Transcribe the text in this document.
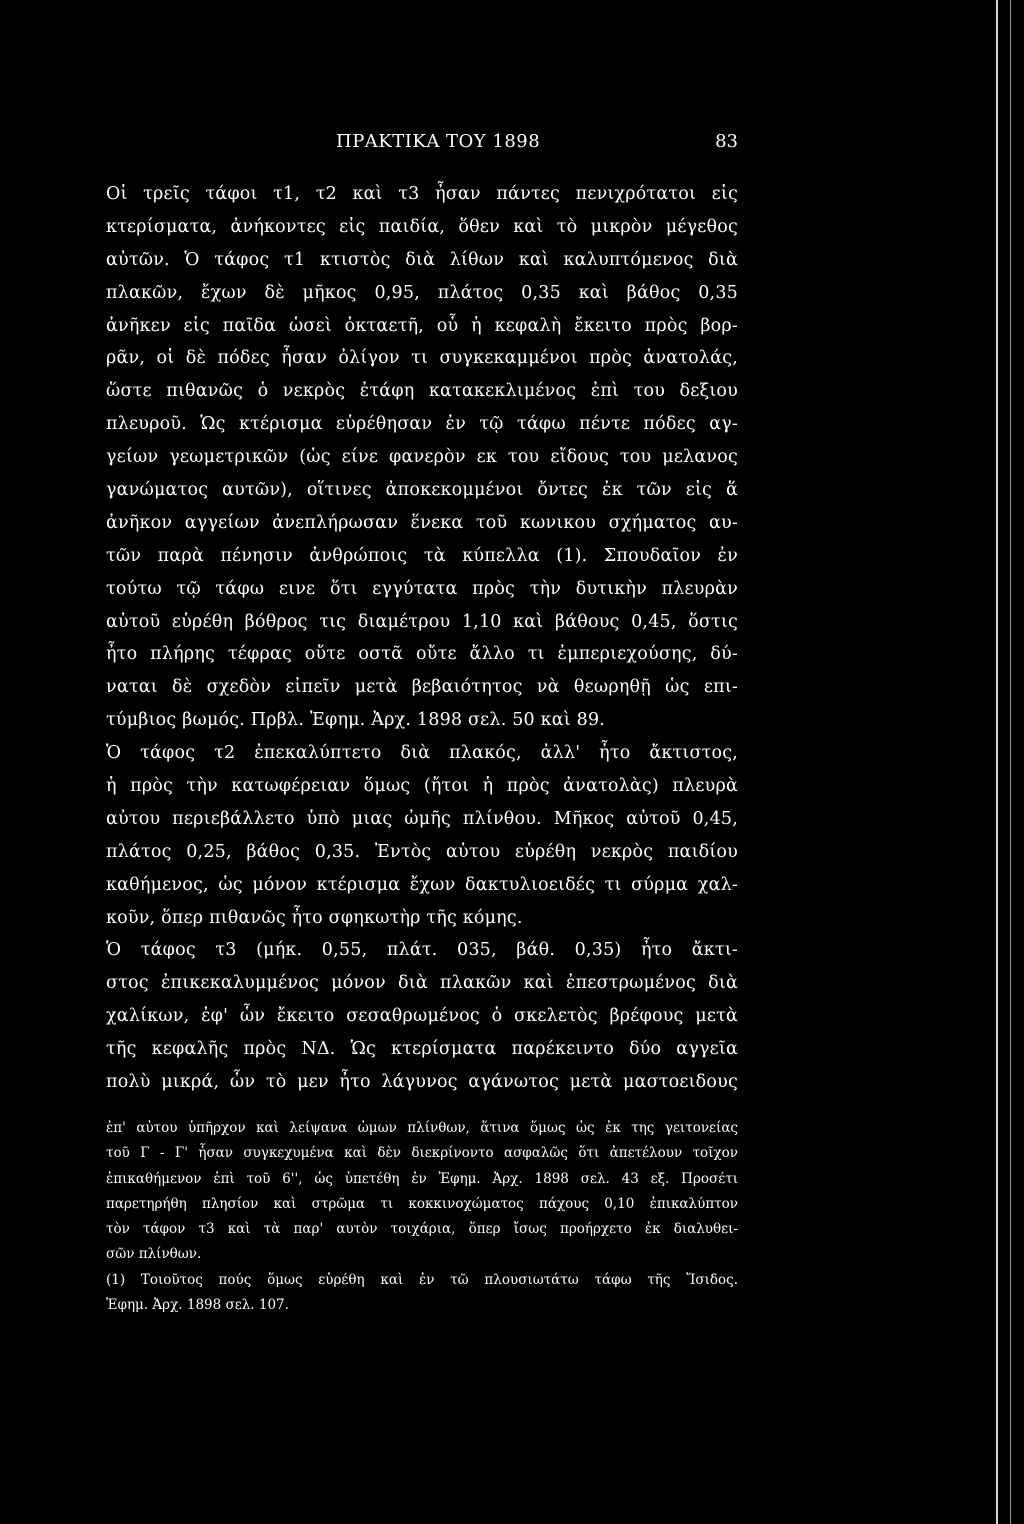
ΠΡΑΚΤΙΚΑ ΤΟΥ 1898	83
Οἱ τρεῖς τάφοι τ1, τ2 καὶ τ3 ἦσαν πάντες πενιχρότατοι εἰς
κτερίσματα, ἀνήκοντες εἰς παιδία, ὅθεν καὶ τὸ μικρὸν μέγεθος
αὐτῶν. Ὁ τάφος τ1 κτιστὸς διὰ λίθων καὶ καλυπτόμενος διὰ
πλακῶν, ἔχων δὲ μῆκος 0,95, πλάτος 0,35 καὶ βάθος 0,35
ἀνῆκεν εἰς παῖδα ὡσεὶ ὀκταετῆ, οὗ ἡ κεφαλὴ ἔκειτο πρὸς βορ-
ρᾶν, οἱ δὲ πόδες ἦσαν ὀλίγον τι συγκεκαμμένοι πρὸς ἀνατολάς,
ὥστε πιθανῶς ὁ νεκρὸς ἐτάφη κατακεκλιμένος ἐπὶ του δεξιου
πλευροῦ. Ὡς κτέρισμα εὑρέθησαν ἐν τῷ τάφω πέντε πόδες αγ-
γείων γεωμετρικῶν (ὡς είνε φανερὸν εκ του εἴδους του μελανος
γανώματος αυτῶν), οἵτινες ἀποκεκομμένοι ὄντες ἐκ τῶν εἰς ἅ
ἀνῆκον αγγείων ἀνεπλήρωσαν ἕνεκα τοῦ κωνικου σχήματος αυ-
τῶν παρὰ πένησιν ἀνθρώποις τὰ κύπελλα (1). Σπουδαῖον ἐν
τούτω τῷ τάφω εινε ὅτι εγγύτατα πρὸς τὴν δυτικὴν πλευρὰν
αὐτοῦ εὑρέθη βόθρος τις διαμέτρου 1,10 καὶ βάθους 0,45, ὅστις
ἦτο πλήρης τέφρας οὔτε οστᾶ οὔτε ἄλλο τι ἐμπεριεχούσης, δύ-
ναται δὲ σχεδὸν εἰπεῖν μετὰ βεβαιότητος νὰ θεωρηθῇ ὡς επι-
τύμβιος βωμός. Πρβλ. Ἐφημ. Ἀρχ. 1898 σελ. 50 καὶ 89.
Ὁ τάφος τ2 ἐπεκαλύπτετο διὰ πλακός, ἀλλ' ἦτο ἄκτιστος,
ἡ πρὸς τὴν κατωφέρειαν ὅμως (ἤτοι ἡ πρὸς ἀνατολὰς) πλευρὰ
αὐτου περιεβάλλετο ὑπὸ μιας ὠμῆς πλίνθου. Μῆκος αὐτοῦ 0,45,
πλάτος 0,25, βάθος 0,35. Ἐντὸς αὐτου εὑρέθη νεκρὸς παιδίου
καθήμενος, ὡς μόνον κτέρισμα ἔχων δακτυλιοειδές τι σύρμα χαλ-
κοῦν, ὅπερ πιθανῶς ἦτο σφηκωτὴρ τῆς κόμης.
Ὁ τάφος τ3 (μήκ. 0,55, πλάτ. 035, βάθ. 0,35) ἦτο ἄκτι-
στος ἐπικεκαλυμμένος μόνον διὰ πλακῶν καὶ ἐπεστρωμένος διὰ
χαλίκων, ἐφ' ὧν ἔκειτο σεσαθρωμένος ὁ σκελετὸς βρέφους μετὰ
τῆς κεφαλῆς πρὸς ΝΔ. Ὡς κτερίσματα παρέκειντο δύο αγγεῖα
πολὺ μικρά, ὧν τὸ μεν ἦτο λάγυνος αγάνωτος μετὰ μαστοειδους
ἐπ' αὐτου ὑπῆρχον καὶ λείψανα ὠμων πλίνθων, ἅτινα ὅμως ὡς ἐκ της γειτονείας
τοῦ Γ - Γ' ἦσαν συγκεχυμένα καὶ δὲν διεκρίνοντο ασφαλῶς ὅτι ἀπετέλουν τοῖχον
ἐπικαθήμενον ἐπὶ τοῦ 6'', ὡς ὑπετέθη ἐν Ἐφημ. Ἀρχ. 1898 σελ. 43 εξ. Προσέτι
παρετηρήθη πλησίον καὶ στρῶμα τι κοκκινοχώματος πάχους 0,10 ἐπικαλύπτον
τὸν τάφον τ3 καὶ τὰ παρ' αυτὸν τοιχάρια, ὅπερ ἴσως προήρχετο ἐκ διαλυθει-
σῶν πλίνθων.
(1) Τοιοῦτος πούς ὅμως εὑρέθη καὶ ἐν τῶ πλουσιωτάτω τάφω τῆς Ἴσιδος.
Ἐφημ. Ἀρχ. 1898 σελ. 107.
